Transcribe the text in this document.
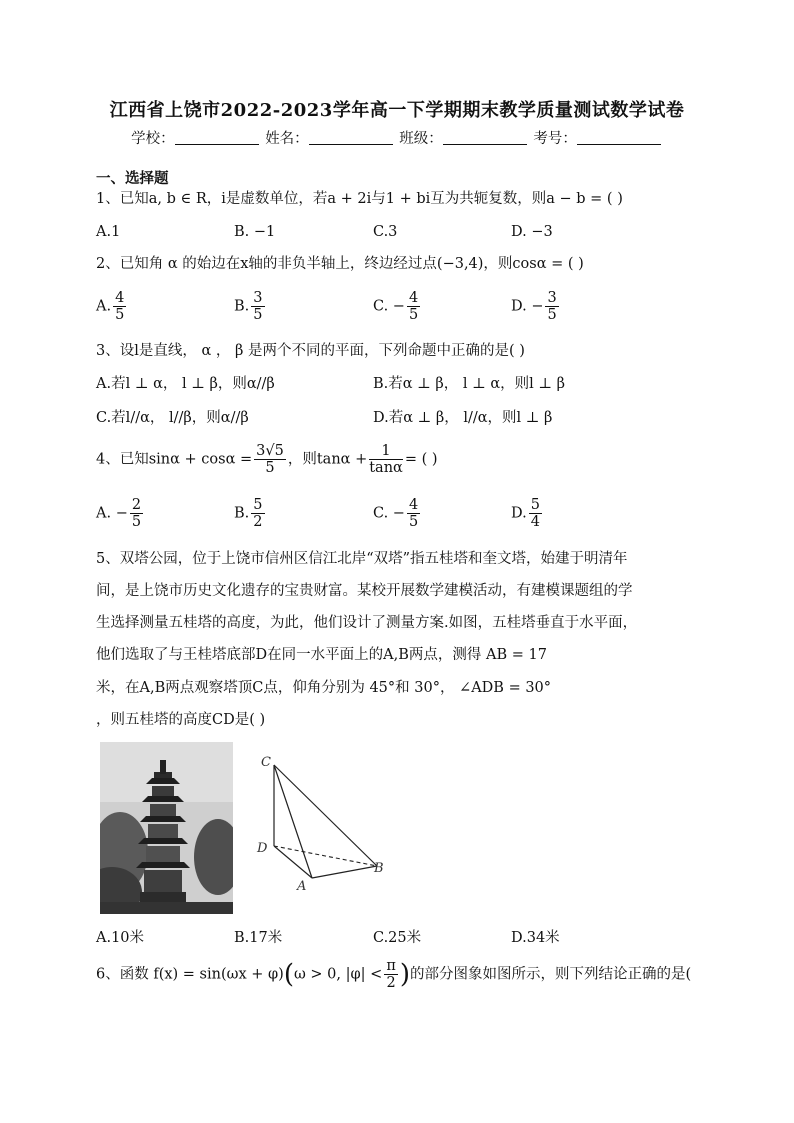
江西省上饶市2022-2023学年高一下学期期末教学质量测试数学试卷
学校：	姓名：	班级：	考号：
一、选择题
1、已知a, b ∈ R，i是虚数单位，若a + 2i与1 + bi互为共轭复数，则a − b = ( )
A.1	B. −1	C.3	D. −3
2、已知角 α 的始边在x轴的非负半轴上，终边经过点(−3,4)，则cosα = ( )
A. $\frac{4}{5}$	B. $\frac{3}{5}$	C. − $\frac{4}{5}$	D. − $\frac{3}{5}$
3、设l是直线， α ， β 是两个不同的平面，下列命题中正确的是( )
A.若l ⊥ α， l ⊥ β，则α//β	B.若α ⊥ β， l ⊥ α，则l ⊥ β
C.若l//α， l//β，则α//β	D.若α ⊥ β， l//α，则l ⊥ β
4、已知$\sin\alpha + \cos\alpha = \frac{3√5}{5}$ ，则$\tan\alpha + \frac{1}{\tan\alpha}$ = ( )
A. − $\frac{2}{5}$	B. $\frac{5}{2}$	C. − $\frac{4}{5}$	D. $\frac{5}{4}$
5、双塔公园，位于上饶市信州区信江北岸“双塔”指五桂塔和奎文塔，始建于明清年
间，是上饶市历史文化遗存的宝贵财富。某校开展数学建模活动，有建模课题组的学
生选择测量五桂塔的高度，为此，他们设计了测量方案.如图，五桂塔垂直于水平面，
他们选取了与王桂塔底部D在同一水平面上的A,B两点，测得 AB = 17
米，在A,B两点观察塔顶C点，仰角分别为 45°和 30°， ∠ADB = 30°
，则五桂塔的高度CD是( )
C
D
A
B
A.10米	B.17米	C.25米	D.34米
6、函数 f(x) = sin(ωx + φ)(ω > 0, $|\varphi| < \frac{\pi}{2}$ )的部分图象如图所示，则下列结论正确的是(
